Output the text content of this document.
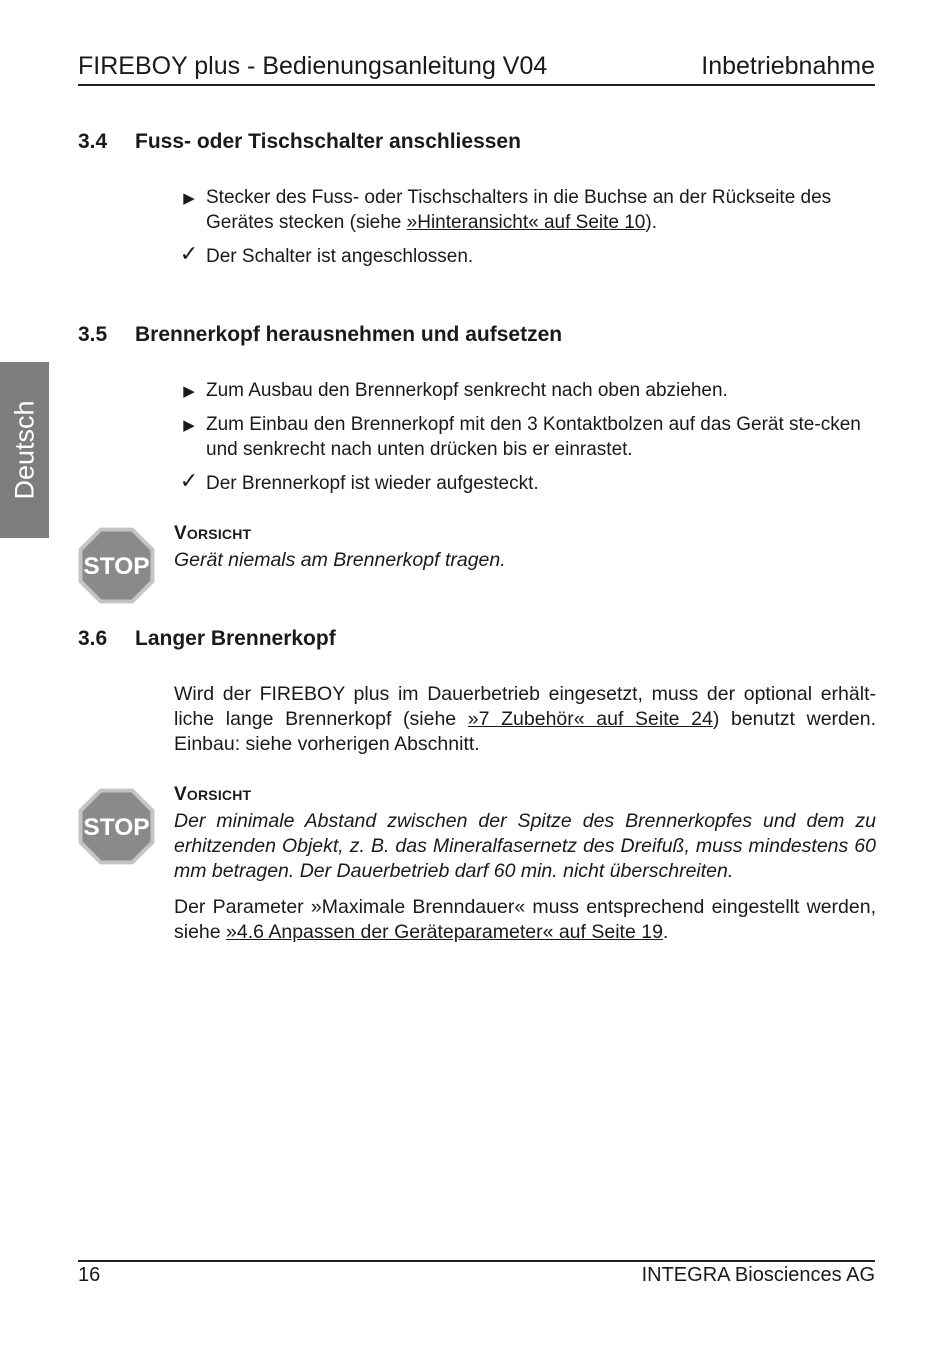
FIREBOY plus - Bedienungsanleitung V04	Inbetriebnahme
Deutsch
3.4 Fuss- oder Tischschalter anschliessen
▶ Stecker des Fuss- oder Tischschalters in die Buchse an der Rückseite des Gerätes stecken (siehe »Hinteransicht« auf Seite 10).
✓ Der Schalter ist angeschlossen.
3.5 Brennerkopf herausnehmen und aufsetzen
▶ Zum Ausbau den Brennerkopf senkrecht nach oben abziehen.
▶ Zum Einbau den Brennerkopf mit den 3 Kontaktbolzen auf das Gerät ste-cken und senkrecht nach unten drücken bis er einrastet.
✓ Der Brennerkopf ist wieder aufgesteckt.
STOP
VORSICHT
Gerät niemals am Brennerkopf tragen.
3.6 Langer Brennerkopf
Wird der FIREBOY plus im Dauerbetrieb eingesetzt, muss der optional erhält-liche lange Brennerkopf (siehe »7 Zubehör« auf Seite 24) benutzt werden. Einbau: siehe vorherigen Abschnitt.
STOP
VORSICHT
Der minimale Abstand zwischen der Spitze des Brennerkopfes und dem zu erhitzenden Objekt, z. B. das Mineralfasernetz des Dreifuß, muss mindestens 60 mm betragen. Der Dauerbetrieb darf 60 min. nicht überschreiten.
Der Parameter »Maximale Brenndauer« muss entsprechend eingestellt werden, siehe »4.6 Anpassen der Geräteparameter« auf Seite 19.
16	INTEGRA Biosciences AG
